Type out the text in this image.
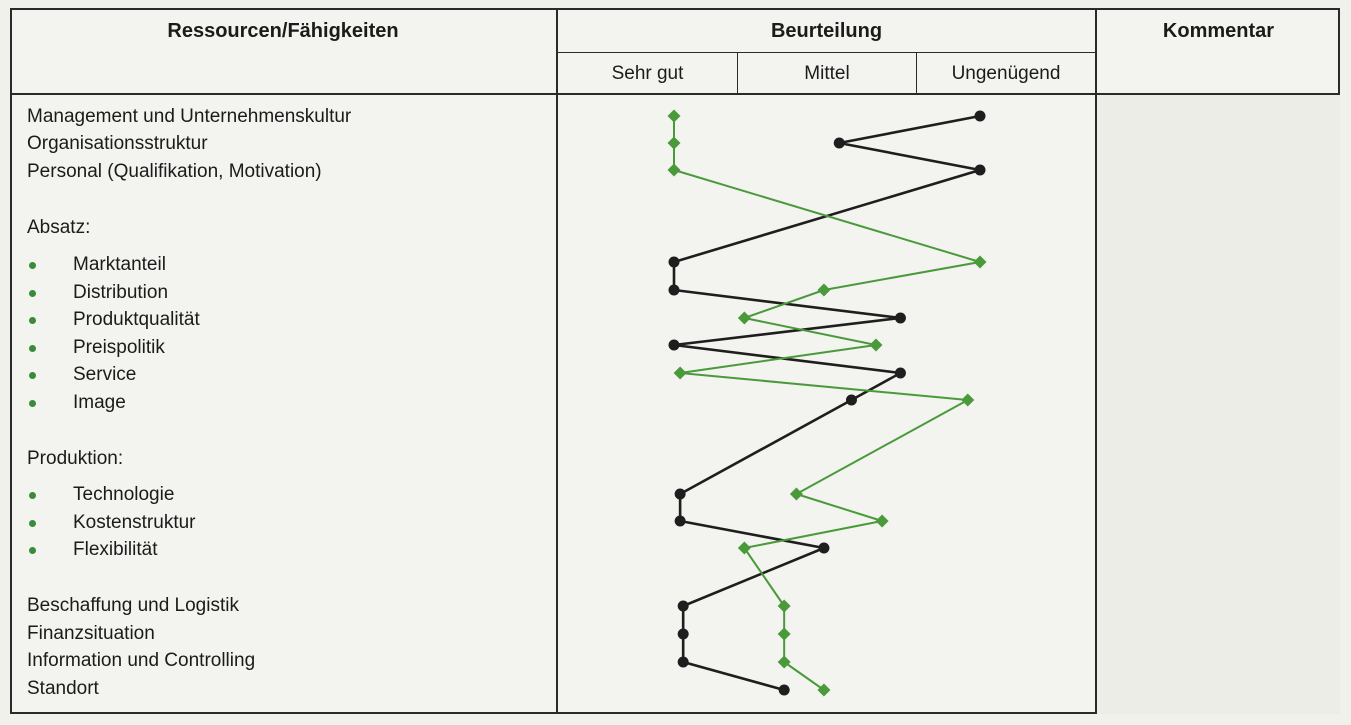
Ressourcen/Fähigkeiten	Beurteilung	Kommentar
Sehr gut	Mittel	Ungenügend
Management und Unternehmenskultur
Organisationsstruktur
Personal (Qualifikation, Motivation)
Absatz:
Marktanteil
Distribution
Produktqualität
Preispolitik
Service
Image
Produktion:
Technologie
Kostenstruktur
Flexibilität
Beschaffung und Logistik
Finanzsituation
Information und Controlling
Standort
